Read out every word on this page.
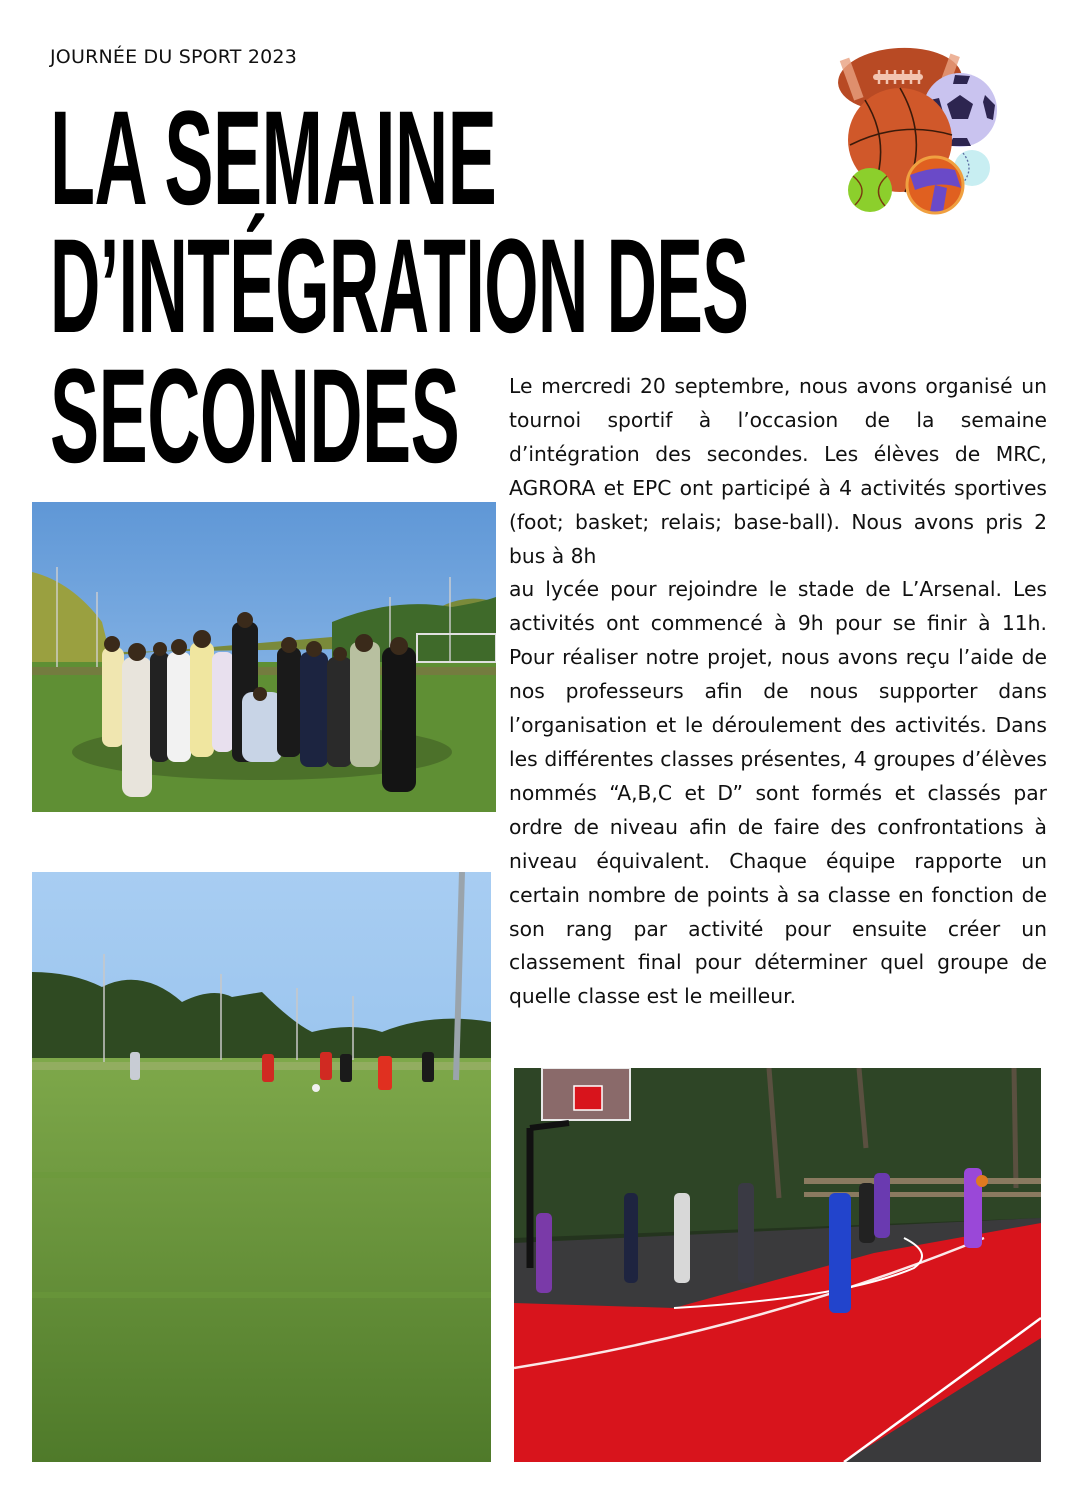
JOURNÉE DU SPORT 2023
LA SEMAINE
D’INTÉGRATION DES
SECONDES Le mercredi 20 septembre, nous avons organisé un tournoi sportif à l’occasion de la semaine d’intégration des secondes. Les élèves de MRC, AGRORA et EPC ont participé à 4 activités sportives (foot; basket; relais; base-ball). Nous avons pris 2 bus à 8h

au lycée pour rejoindre le stade de L’Arsenal. Les activités ont commencé à 9h pour se finir à 11h. Pour réaliser notre projet, nous avons reçu l’aide de nos professeurs afin de nous supporter dans l’organisation et le déroulement des activités. Dans les différentes classes présentes, 4 groupes d’élèves nommés “A,B,C et D” sont formés et classés par ordre de niveau afin de faire des confrontations à niveau équivalent. Chaque équipe rapporte un certain nombre de points à sa classe en fonction de son rang par activité pour ensuite créer un classement final pour déterminer quel groupe de quelle classe est le meilleur.
